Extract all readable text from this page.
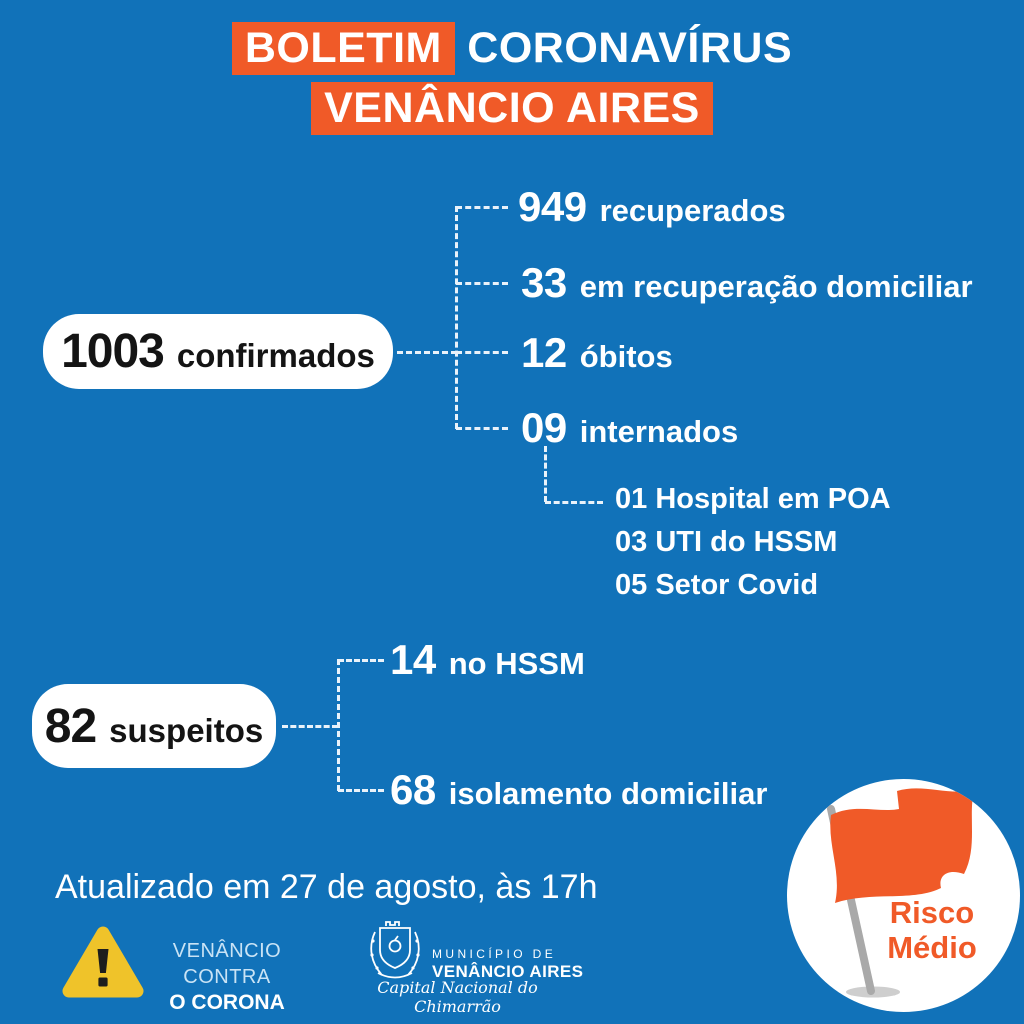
BOLETIM CORONAVÍRUS
VENÂNCIO AIRES
1003 confirmados
949 recuperados
33 em recuperação domiciliar
12 óbitos
09 internados
01 Hospital em POA
03 UTI do HSSM
05 Setor Covid
82 suspeitos
14 no HSSM
68 isolamento domiciliar
Atualizado em 27 de agosto, às 17h
VENÂNCIO CONTRA
O CORONA
MUNICÍPIO DE
VENÂNCIO AIRES
Capital Nacional do Chimarrão
Risco
Médio
